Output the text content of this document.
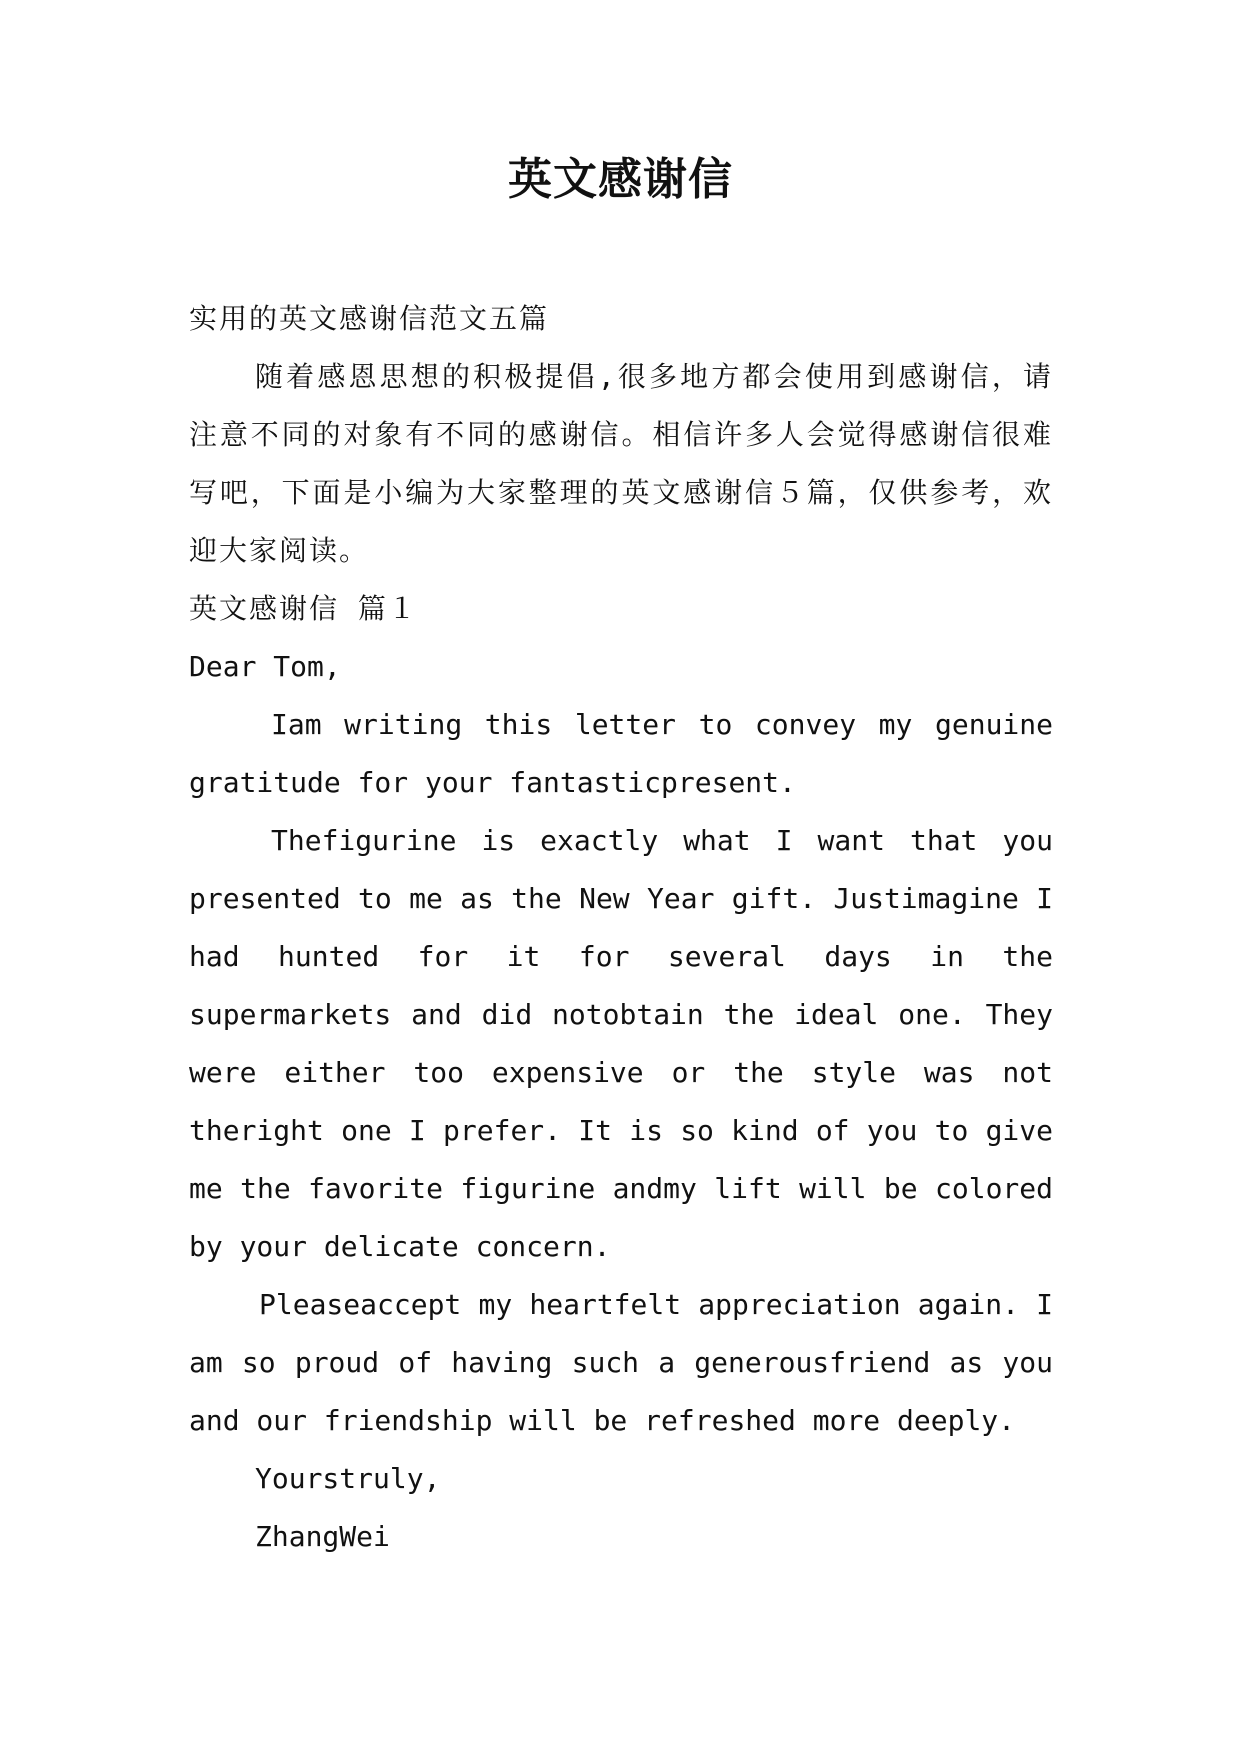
英文感谢信

实用的英文感谢信范文五篇

随着感恩思想的积极提倡,很多地方都会使用到感谢信，请注意不同的对象有不同的感谢信。相信许多人会觉得感谢信很难写吧，下面是小编为大家整理的英文感谢信５篇，仅供参考，欢迎大家阅读。

英文感谢信 篇１

Dear Tom,

Iam writing this letter to convey my genuine gratitude for your fantasticpresent.

Thefigurine is exactly what I want that you presented to me as the New Year gift. Justimagine I had hunted for it for several days in the supermarkets and did notobtain the ideal one. They were either too expensive or the style was not theright one I prefer. It is so kind of you to give me the favorite figurine andmy lift will be colored by your delicate concern.

Pleaseaccept my heartfelt appreciation again. I am so proud of having such a generousfriend as you and our friendship will be refreshed more deeply.

Yourstruly,

ZhangWei
